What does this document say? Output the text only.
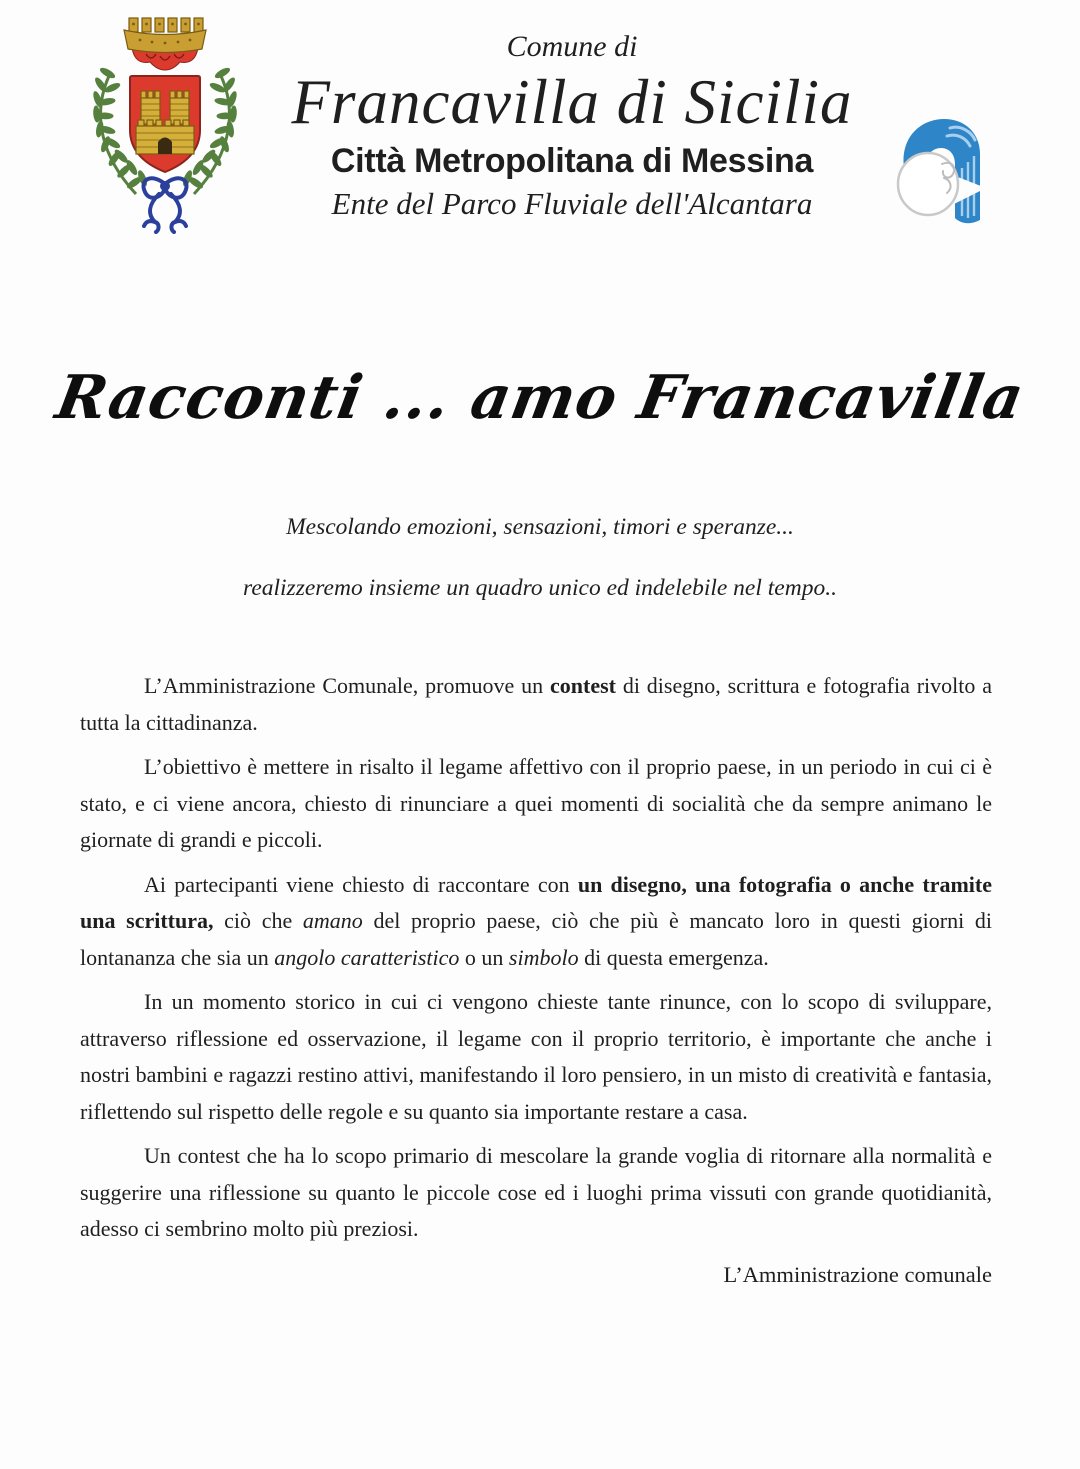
Comune di
Francavilla di Sicilia
Città Metropolitana di Messina
Ente del Parco Fluviale dell'Alcantara
Racconti ... amo Francavilla
Mescolando emozioni, sensazioni, timori e speranze...
realizzeremo insieme un quadro unico ed indelebile nel tempo..

L’Amministrazione Comunale, promuove un contest di disegno, scrittura e fotografia rivolto a tutta la cittadinanza.

L’obiettivo è mettere in risalto il legame affettivo con il proprio paese, in un periodo in cui ci è stato, e ci viene ancora, chiesto di rinunciare a quei momenti di socialità che da sempre animano le giornate di grandi e piccoli.

Ai partecipanti viene chiesto di raccontare con un disegno, una fotografia o anche tramite una scrittura, ciò che amano del proprio paese, ciò che più è mancato loro in questi giorni di lontananza che sia un angolo caratteristico o un simbolo di questa emergenza.

In un momento storico in cui ci vengono chieste tante rinunce, con lo scopo di sviluppare, attraverso riflessione ed osservazione, il legame con il proprio territorio, è importante che anche i nostri bambini e ragazzi restino attivi, manifestando il loro pensiero, in un misto di creatività e fantasia, riflettendo sul rispetto delle regole e su quanto sia importante restare a casa.

Un contest che ha lo scopo primario di mescolare la grande voglia di ritornare alla normalità e suggerire una riflessione su quanto le piccole cose ed i luoghi prima vissuti con grande quotidianità, adesso ci sembrino molto più preziosi.

L’Amministrazione comunale
